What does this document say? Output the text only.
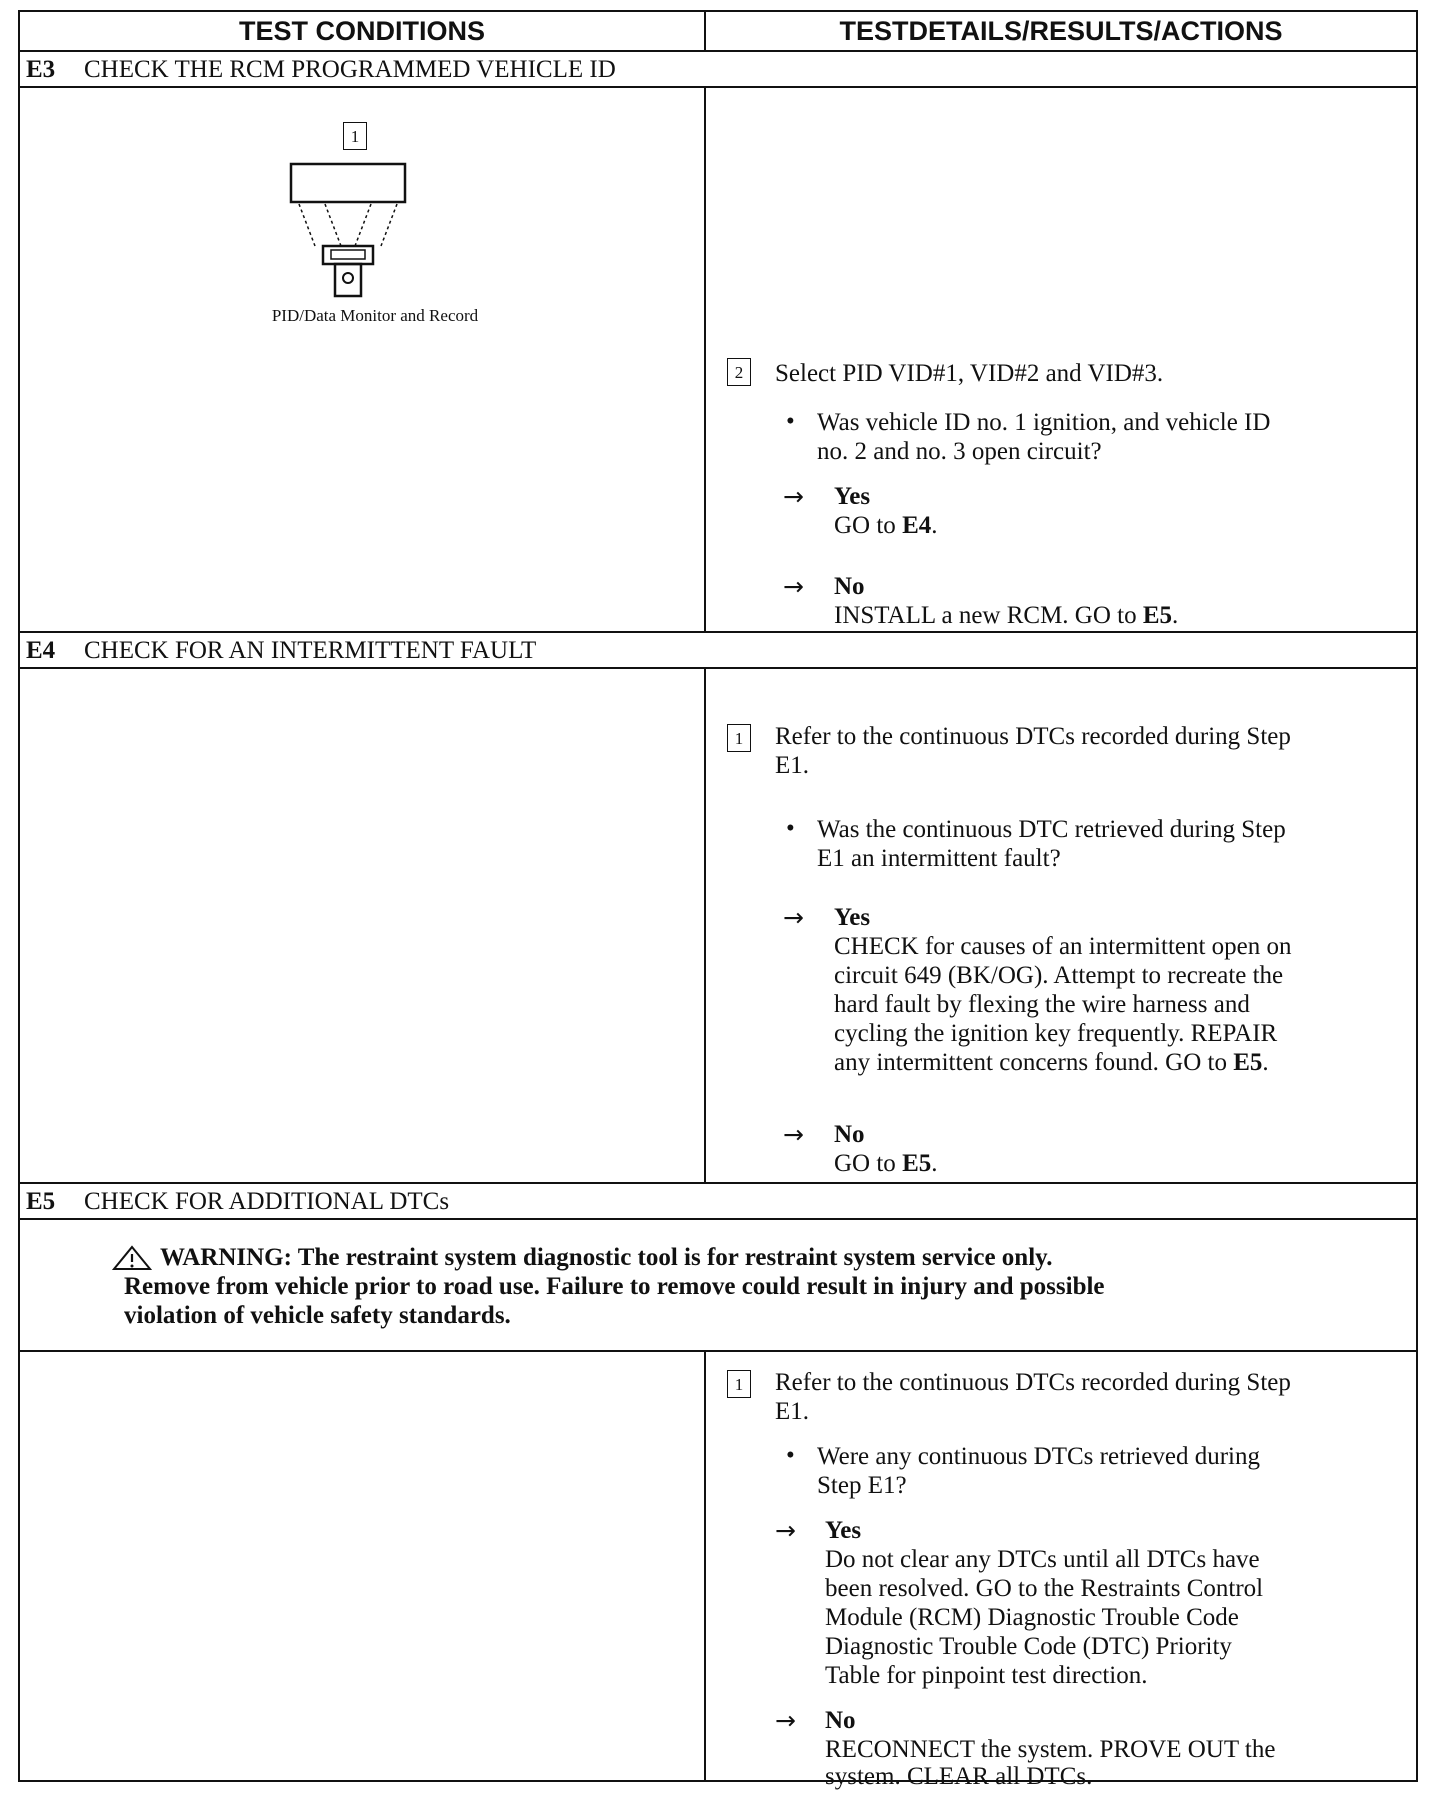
TEST CONDITIONS	TESTDETAILS/RESULTS/ACTIONS
E3 CHECK THE RCM PROGRAMMED VEHICLE ID
1
PID/Data Monitor and Record
2	Select PID VID#1, VID#2 and VID#3.
• Was vehicle ID no. 1 ignition, and vehicle ID
no. 2 and no. 3 open circuit?
→ Yes
GO to E4.
→ No
INSTALL a new RCM. GO to E5.
E4 CHECK FOR AN INTERMITTENT FAULT
1	Refer to the continuous DTCs recorded during Step
E1.
• Was the continuous DTC retrieved during Step
E1 an intermittent fault?
→ Yes
CHECK for causes of an intermittent open on
circuit 649 (BK/OG). Attempt to recreate the
hard fault by flexing the wire harness and
cycling the ignition key frequently. REPAIR
any intermittent concerns found. GO to E5.
→ No
GO to E5.
E5 CHECK FOR ADDITIONAL DTCs
WARNING: The restraint system diagnostic tool is for restraint system service only.
Remove from vehicle prior to road use. Failure to remove could result in injury and possible
violation of vehicle safety standards.
1	Refer to the continuous DTCs recorded during Step
E1.
• Were any continuous DTCs retrieved during
Step E1?
→ Yes
Do not clear any DTCs until all DTCs have
been resolved. GO to the Restraints Control
Module (RCM) Diagnostic Trouble Code
Diagnostic Trouble Code (DTC) Priority
Table for pinpoint test direction.
→ No
RECONNECT the system. PROVE OUT the
system. CLEAR all DTCs.
